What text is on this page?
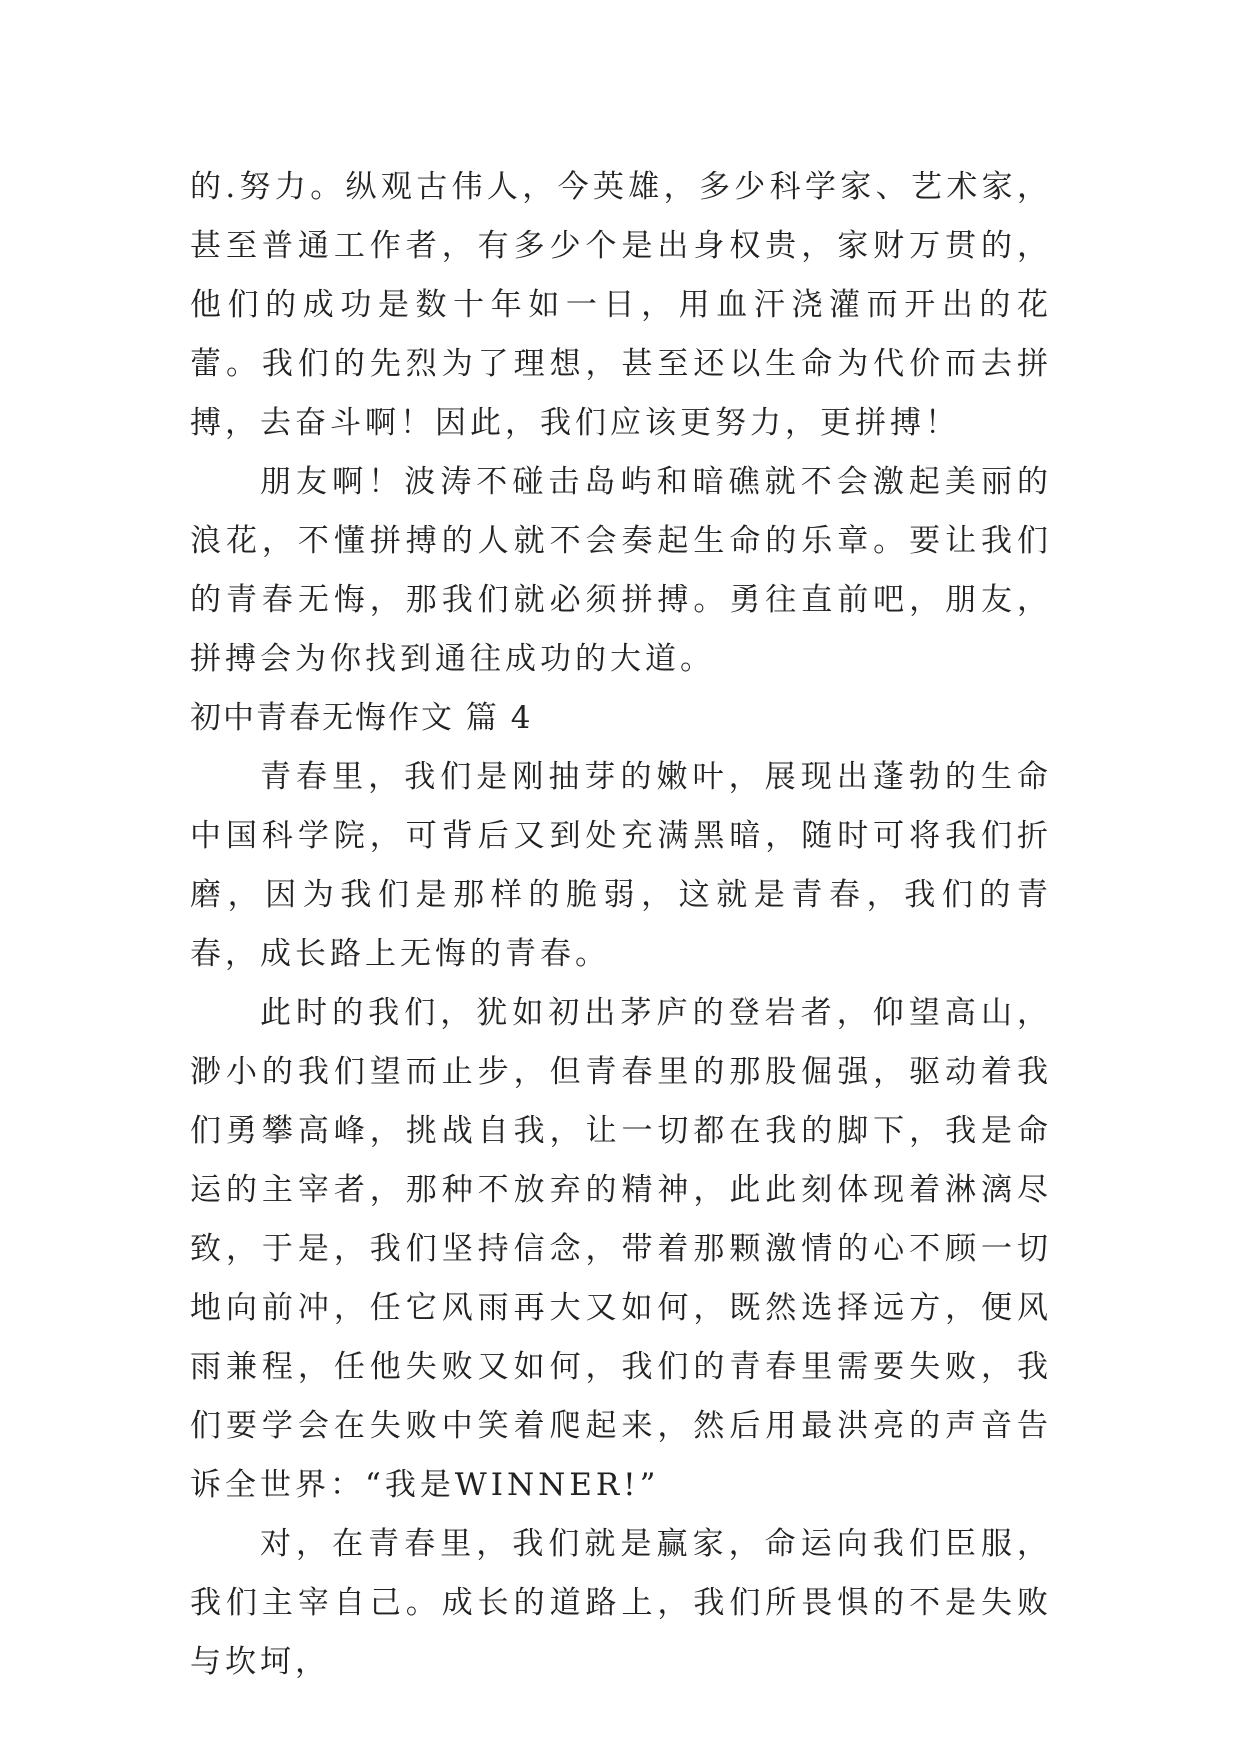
的.努力。纵观古伟人，今英雄，多少科学家、艺术家，甚至普通工作者，有多少个是出身权贵，家财万贯的，他们的成功是数十年如一日，用血汗浇灌而开出的花蕾。我们的先烈为了理想，甚至还以生命为代价而去拼搏，去奋斗啊！因此，我们应该更努力，更拼搏！

朋友啊！波涛不碰击岛屿和暗礁就不会激起美丽的浪花，不懂拼搏的人就不会奏起生命的乐章。要让我们的青春无悔，那我们就必须拼搏。勇往直前吧，朋友，拼搏会为你找到通往成功的大道。

初中青春无悔作文 篇 4

青春里，我们是刚抽芽的嫩叶，展现出蓬勃的生命中国科学院，可背后又到处充满黑暗，随时可将我们折磨，因为我们是那样的脆弱，这就是青春，我们的青春，成长路上无悔的青春。

此时的我们，犹如初出茅庐的登岩者，仰望高山，渺小的我们望而止步，但青春里的那股倔强，驱动着我们勇攀高峰，挑战自我，让一切都在我的脚下，我是命运的主宰者，那种不放弃的精神，此此刻体现着淋漓尽致，于是，我们坚持信念，带着那颗激情的心不顾一切地向前冲，任它风雨再大又如何，既然选择远方，便风雨兼程，任他失败又如何，我们的青春里需要失败，我们要学会在失败中笑着爬起来，然后用最洪亮的声音告诉全世界：“我是WINNER!”

对，在青春里，我们就是赢家，命运向我们臣服，我们主宰自己。成长的道路上，我们所畏惧的不是失败与坎坷，
